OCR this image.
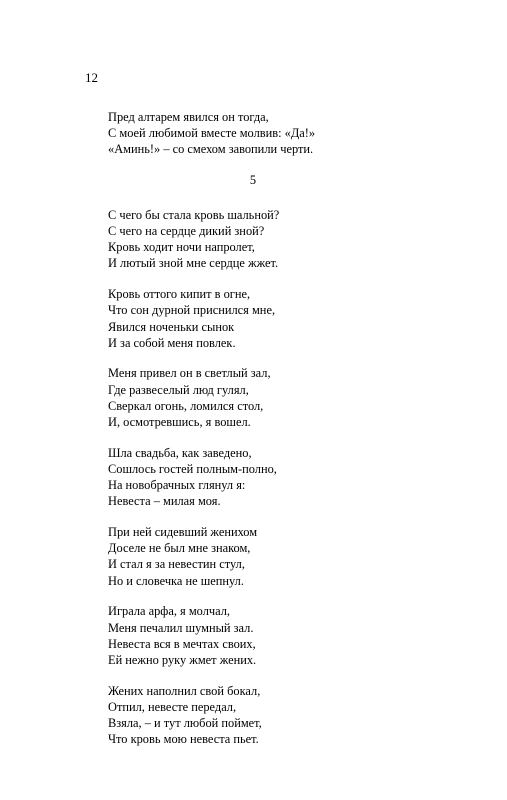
12
Пред алтарем явился он тогда,
С моей любимой вместе молвив: «Да!»
«Аминь!» – со смехом завопили черти.
5
С чего бы стала кровь шальной?
С чего на сердце дикий зной?
Кровь ходит ночи напролет,
И лютый зной мне сердце жжет.
Кровь оттого кипит в огне,
Что сон дурной приснился мне,
Явился ноченьки сынок
И за собой меня повлек.
Меня привел он в светлый зал,
Где развеселый люд гулял,
Сверкал огонь, ломился стол,
И, осмотревшись, я вошел.
Шла свадьба, как заведено,
Сошлось гостей полным-полно,
На новобрачных глянул я:
Невеста – милая моя.
При ней сидевший женихом
Доселе не был мне знаком,
И стал я за невестин стул,
Но и словечка не шепнул.
Играла арфа, я молчал,
Меня печалил шумный зал.
Невеста вся в мечтах своих,
Ей нежно руку жмет жених.
Жених наполнил свой бокал,
Отпил, невесте передал,
Взяла, – и тут любой поймет,
Что кровь мою невеста пьет.
